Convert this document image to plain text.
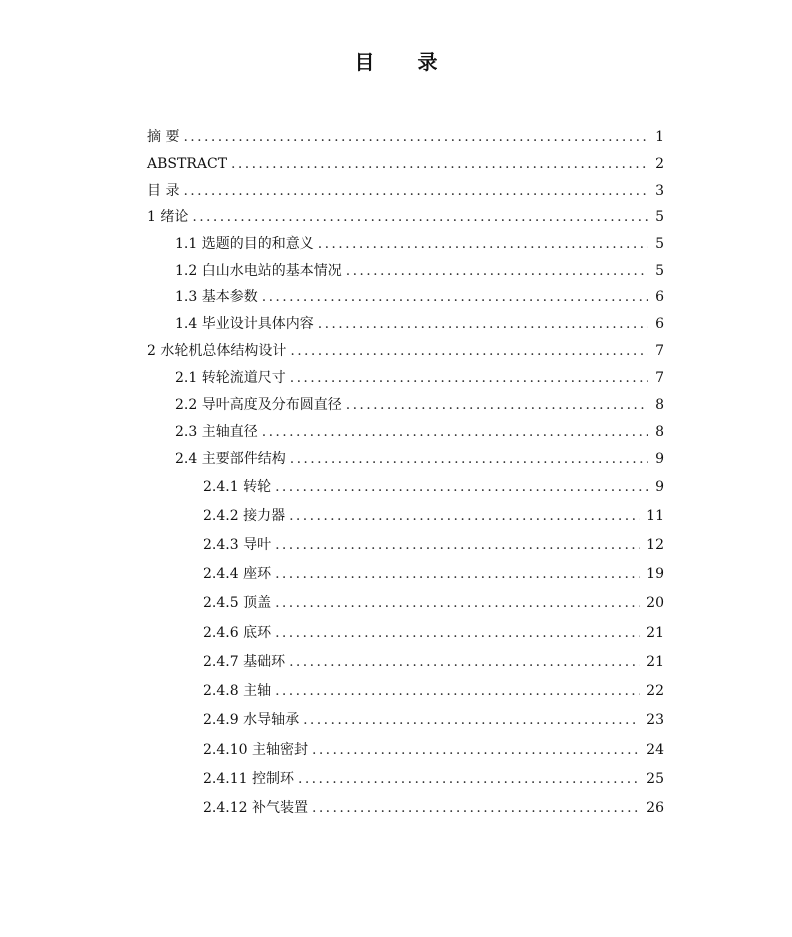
目 录
摘 要 .....	1
ABSTRACT .....	2
目 录 .....	3
1 绪论 .....	5
1.1 选题的目的和意义 .....	5
1.2 白山水电站的基本情况 .....	5
1.3 基本参数 .....	6
1.4 毕业设计具体内容 .....	6
2 水轮机总体结构设计 .....	7
2.1 转轮流道尺寸 .....	7
2.2 导叶高度及分布圆直径 .....	8
2.3 主轴直径 .....	8
2.4 主要部件结构 .....	9
2.4.1 转轮 .....	9
2.4.2 接力器 .....	11
2.4.3 导叶 .....	12
2.4.4 座环 .....	19
2.4.5 顶盖 .....	20
2.4.6 底环 .....	21
2.4.7 基础环 .....	21
2.4.8 主轴 .....	22
2.4.9 水导轴承 .....	23
2.4.10 主轴密封 .....	24
2.4.11 控制环 .....	25
2.4.12 补气装置 .....	26
